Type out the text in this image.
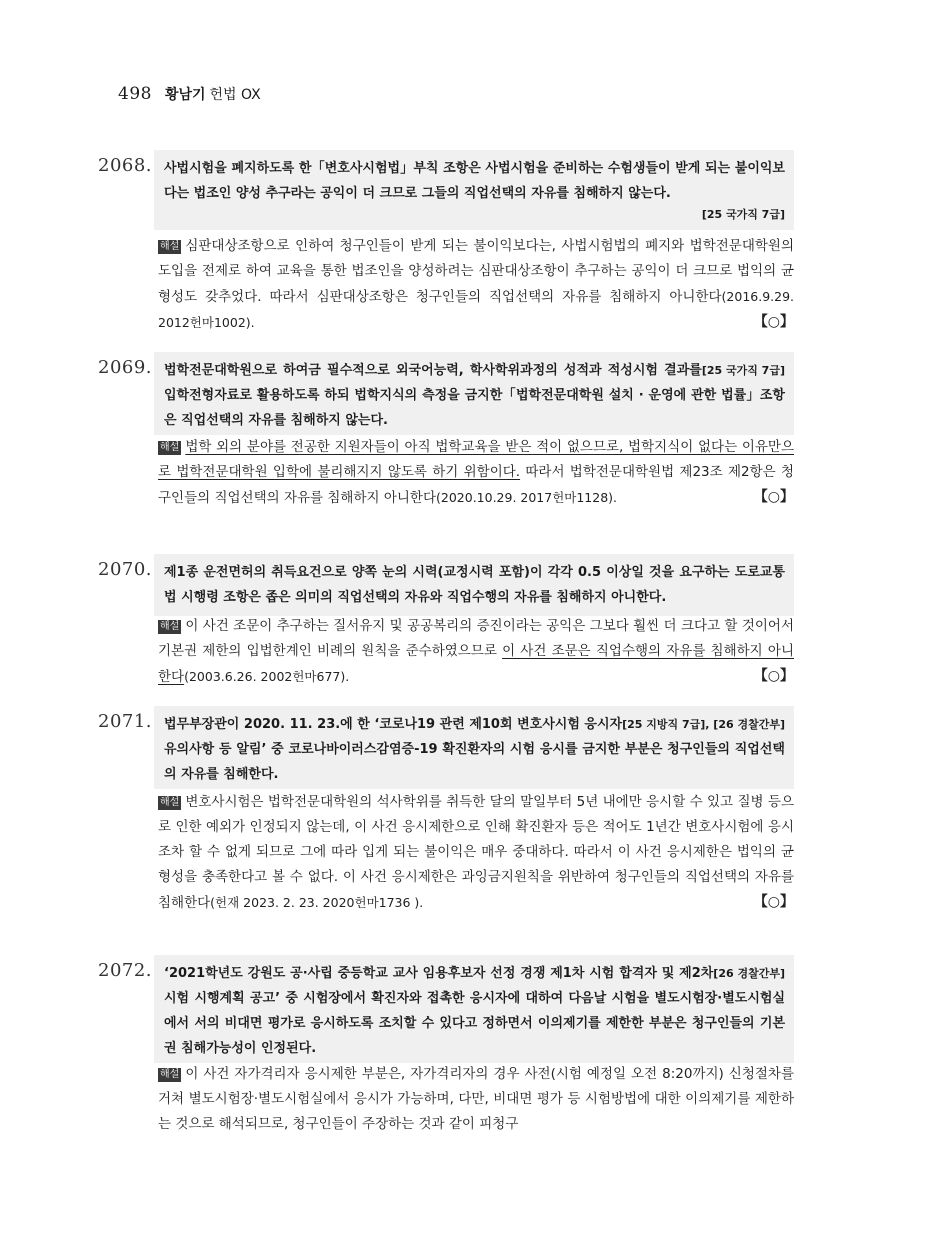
498 황남기 헌법 OX
2068. 사법시험을 폐지하도록 한「변호사시험법」부칙 조항은 사법시험을 준비하는 수험생들이 받게 되는 불이익보다는 법조인 양성 추구라는 공익이 더 크므로 그들의 직업선택의 자유를 침해하지 않는다.
[25 국가직 7급]
해설 심판대상조항으로 인하여 청구인들이 받게 되는 불이익보다는, 사법시험법의 폐지와 법학전문대학원의 도입을 전제로 하여 교육을 통한 법조인을 양성하려는 심판대상조항이 추구하는 공익이 더 크므로 법익의 균형성도 갖추었다. 따라서 심판대상조항은 청구인들의 직업선택의 자유를 침해하지 아니한다(2016.9.29. 2012헌마1002).	【○】
2069.	[25 국가직 7급]
법학전문대학원으로 하여금 필수적으로 외국어능력, 학사학위과정의 성적과 적성시험 결과를 입학전형자료로 활용하도록 하되 법학지식의 측정을 금지한「법학전문대학원 설치 · 운영에 관한 법률」조항은 직업선택의 자유를 침해하지 않는다.
해설 법학 외의 분야를 전공한 지원자들이 아직 법학교육을 받은 적이 없으므로, 법학지식이 없다는 이유만으로 법학전문대학원 입학에 불리해지지 않도록 하기 위함이다. 따라서 법학전문대학원법 제23조 제2항은 청구인들의 직업선택의 자유를 침해하지 아니한다(2020.10.29. 2017헌마1128).	【○】
2070. 제1종 운전면허의 취득요건으로 양쪽 눈의 시력(교정시력 포함)이 각각 0.5 이상일 것을 요구하는 도로교통법 시행령 조항은 좁은 의미의 직업선택의 자유와 직업수행의 자유를 침해하지 아니한다.
해설 이 사건 조문이 추구하는 질서유지 및 공공복리의 증진이라는 공익은 그보다 훨씬 더 크다고 할 것이어서 기본권 제한의 입법한계인 비례의 원칙을 준수하였으므로 이 사건 조문은 직업수행의 자유를 침해하지 아니한다(2003.6.26. 2002헌마677).	【○】
2071.	[25 지방직 7급], [26 경찰간부]
법무부장관이 2020. 11. 23.에 한 ‘코로나19 관련 제10회 변호사시험 응시자 유의사항 등 알림’ 중 코로나바이러스감염증-19 확진환자의 시험 응시를 금지한 부분은 청구인들의 직업선택의 자유를 침해한다.
해설 변호사시험은 법학전문대학원의 석사학위를 취득한 달의 말일부터 5년 내에만 응시할 수 있고 질병 등으로 인한 예외가 인정되지 않는데, 이 사건 응시제한으로 인해 확진환자 등은 적어도 1년간 변호사시험에 응시조차 할 수 없게 되므로 그에 따라 입게 되는 불이익은 매우 중대하다. 따라서 이 사건 응시제한은 법익의 균형성을 충족한다고 볼 수 없다. 이 사건 응시제한은 과잉금지원칙을 위반하여 청구인들의 직업선택의 자유를 침해한다(헌재 2023. 2. 23. 2020헌마1736 ).	【○】
2072.	[26 경찰간부]
‘2021학년도 강원도 공·사립 중등학교 교사 임용후보자 선정 경쟁 제1차 시험 합격자 및 제2차 시험 시행계획 공고’ 중 시험장에서 확진자와 접촉한 응시자에 대하여 다음날 시험을 별도시험장·별도시험실에서 서의 비대면 평가로 응시하도록 조치할 수 있다고 정하면서 이의제기를 제한한 부분은 청구인들의 기본권 침해가능성이 인정된다.
해설 이 사건 자가격리자 응시제한 부분은, 자가격리자의 경우 사전(시험 예정일 오전 8:20까지) 신청절차를 거쳐 별도시험장·별도시험실에서 응시가 가능하며, 다만, 비대면 평가 등 시험방법에 대한 이의제기를 제한하는 것으로 해석되므로, 청구인들이 주장하는 것과 같이 피청구
